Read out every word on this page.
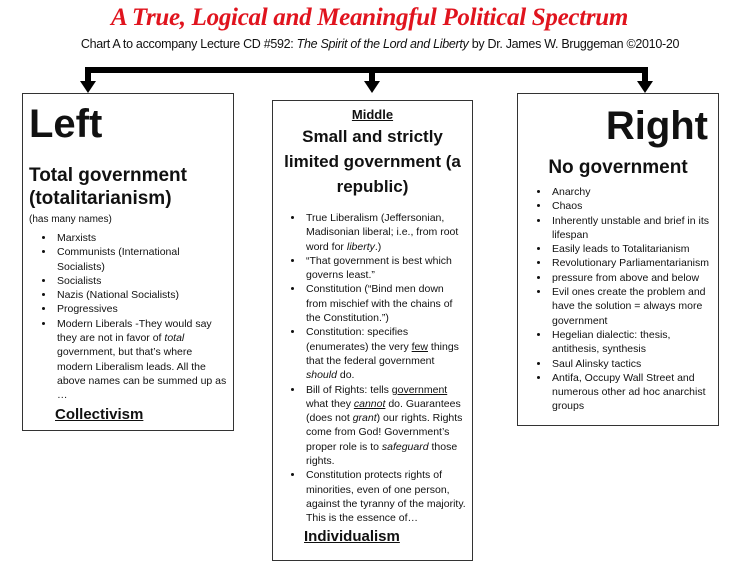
A True, Logical and Meaningful Political Spectrum
Chart A to accompany Lecture CD #592: The Spirit of the Lord and Liberty by Dr. James W. Bruggeman ©2010-20
Left
Total government (totalitarianism)
(has many names)
• Marxists
• Communists (International Socialists)
• Socialists
• Nazis (National Socialists)
• Progressives
• Modern Liberals -They would say they are not in favor of total government, but that’s where modern Liberalism leads. All the above names can be summed up as …
Collectivism
Middle
Small and strictly limited government (a republic)
• True Liberalism (Jeffersonian, Madisonian liberal; i.e., from root word for liberty.)
• “That government is best which governs least.”
• Constitution (“Bind men down from mischief with the chains of the Constitution.”)
• Constitution: specifies (enumerates) the very few things that the federal government should do.
• Bill of Rights: tells government what they cannot do. Guarantees (does not grant) our rights. Rights come from God! Government’s proper role is to safeguard those rights.
• Constitution protects rights of minorities, even of one person, against the tyranny of the majority. This is the essence of…
Individualism
Right
No government
• Anarchy
• Chaos
• Inherently unstable and brief in its lifespan
• Easily leads to Totalitarianism
• Revolutionary Parliamentarianism
• pressure from above and below
• Evil ones create the problem and have the solution = always more government
• Hegelian dialectic: thesis, antithesis, synthesis
• Saul Alinsky tactics
• Antifa, Occupy Wall Street and numerous other ad hoc anarchist groups
